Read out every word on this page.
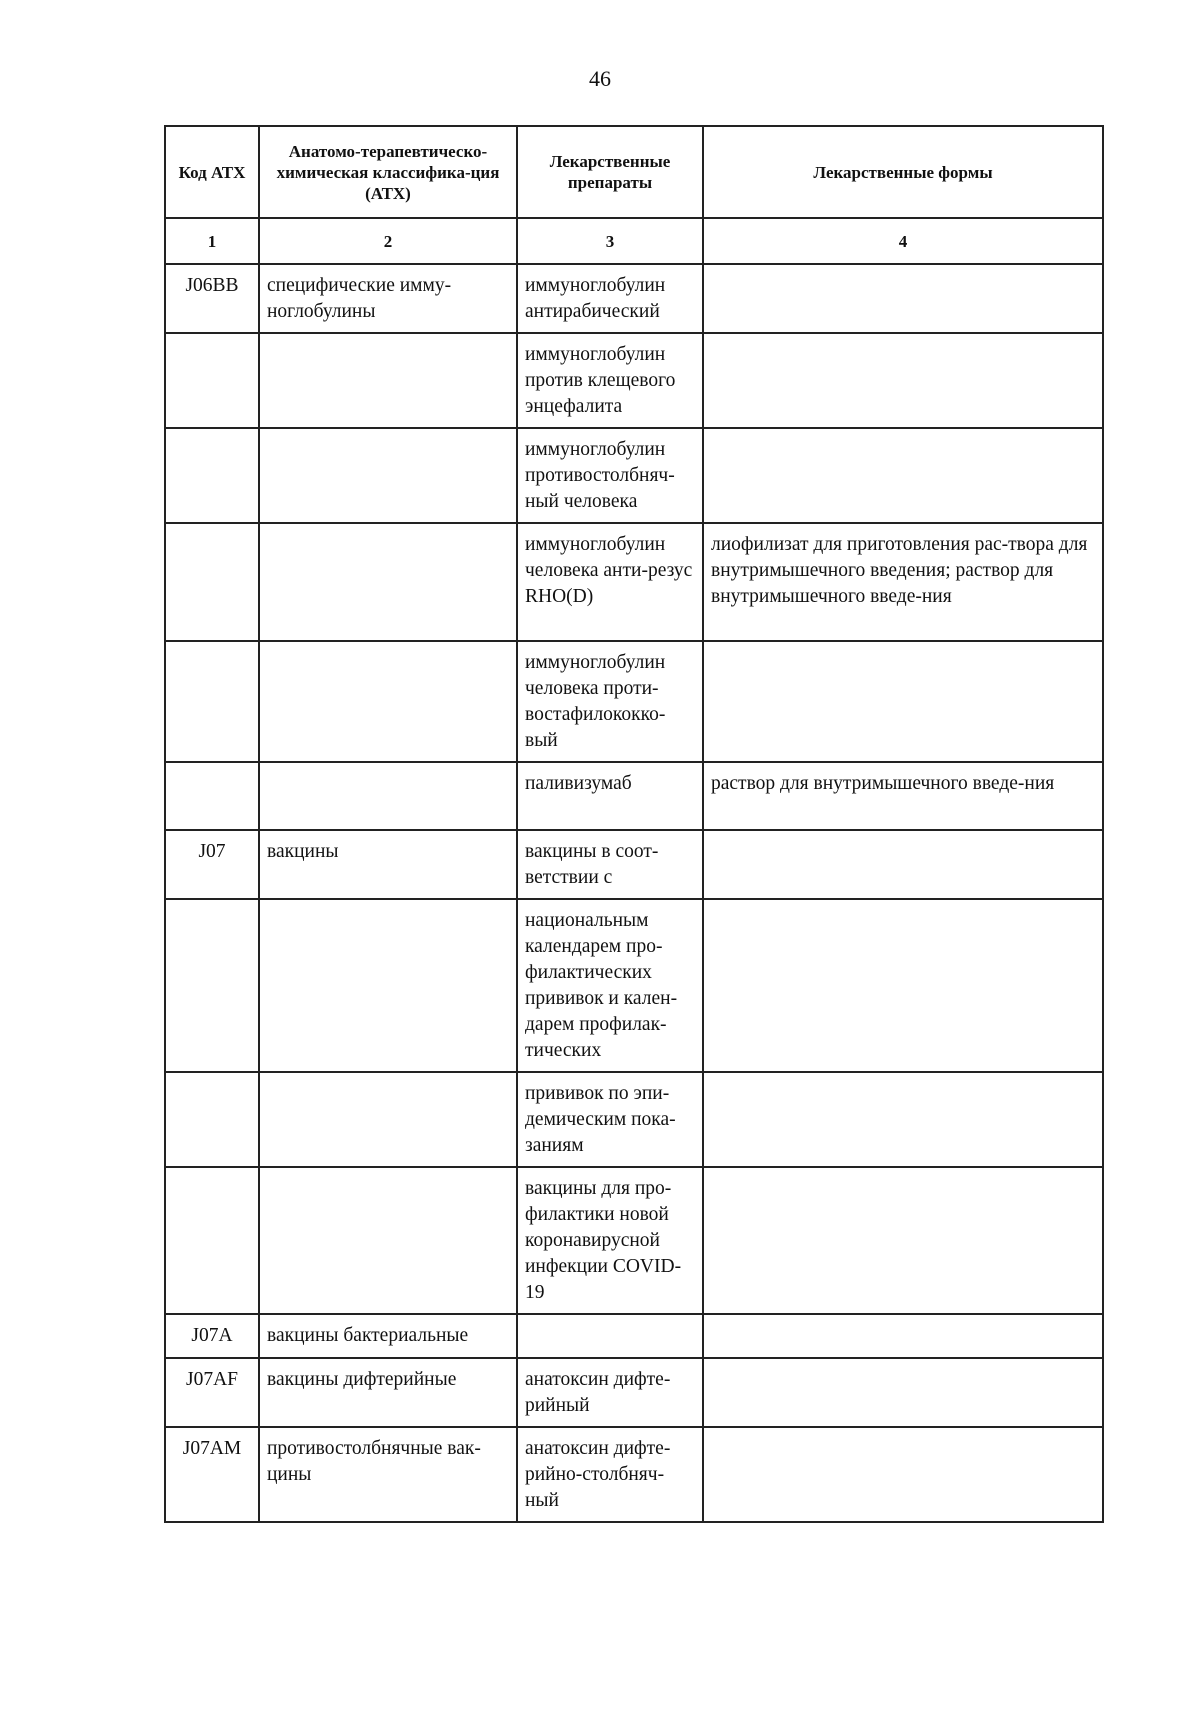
46
Код АТХ	Анатомо-терапевтическо-химическая классифика-ция (АТХ)	Лекарственные препараты	Лекарственные формы
1	2	3	4
J06BB	специфические имму-ноглобулины	иммуноглобулин антирабический	
		иммуноглобулин против клещевого энцефалита	
		иммуноглобулин противостолбняч-ный человека	
		иммуноглобулин человека анти-резус RHO(D)	лиофилизат для приготовления рас-твора для внутримышечного введения; раствор для внутримышечного введе-ния
		иммуноглобулин человека проти-востафилококко-вый	
		паливизумаб	раствор для внутримышечного введе-ния
J07	вакцины	вакцины в соот-ветствии с	
		национальным календарем про-филактических прививок и кален-дарем профилак-тических	
		прививок по эпи-демическим пока-заниям	
		вакцины для про-филактики новой коронавирусной инфекции COVID-19	
J07A	вакцины бактериальные		
J07AF	вакцины дифтерийные	анатоксин дифте-рийный	
J07AM	противостолбнячные вак-цины	анатоксин дифте-рийно-столбняч-ный	
